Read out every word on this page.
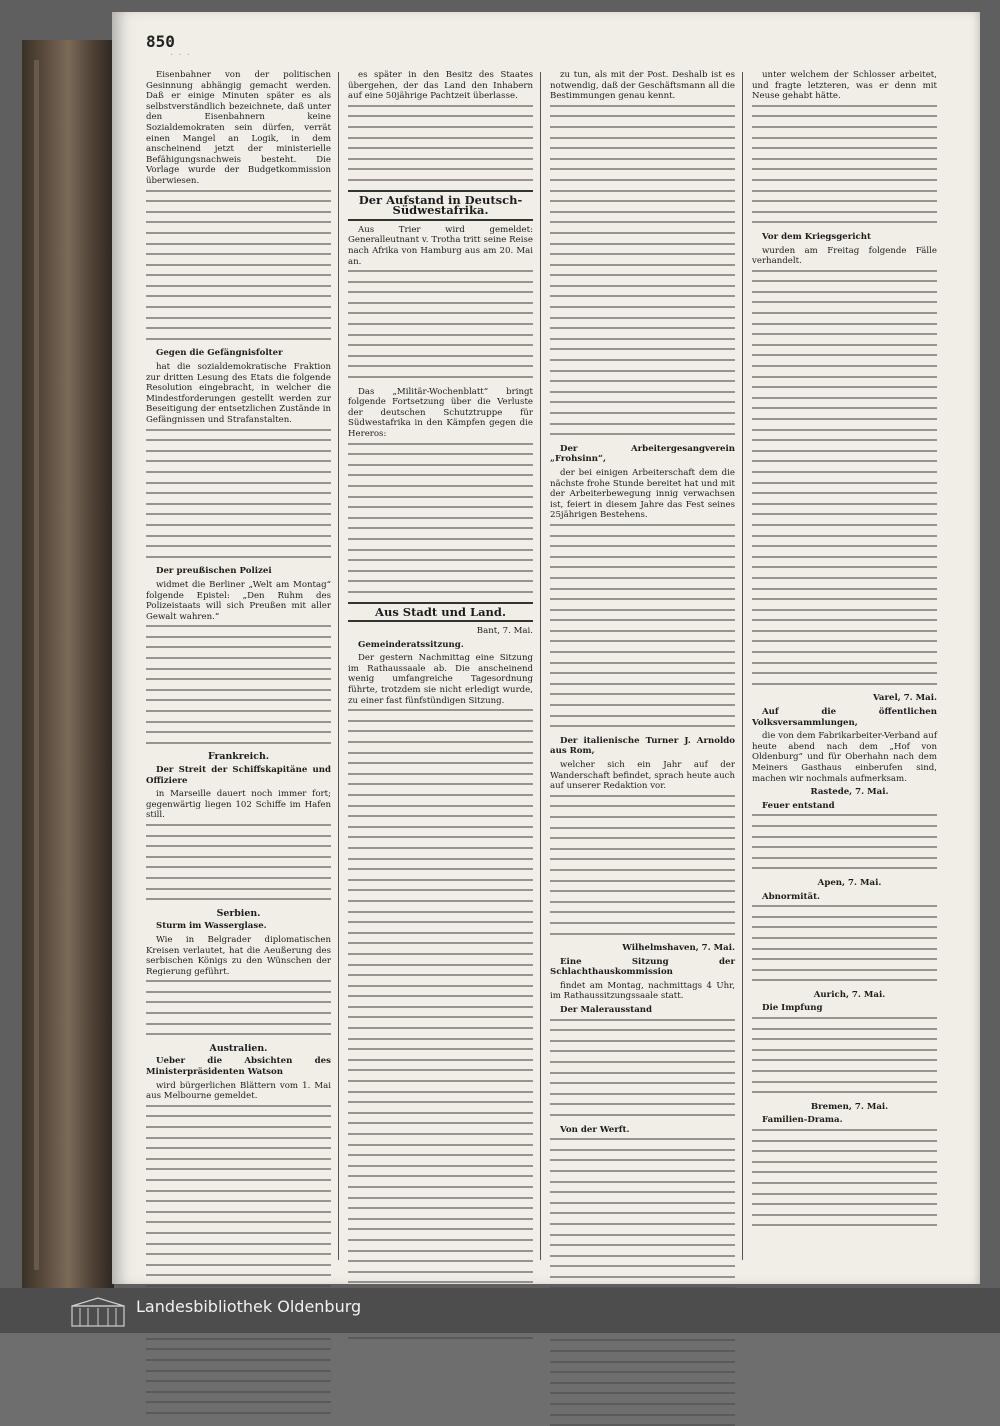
850
· · ·

Eisenbahner von der politischen Gesinnung abhängig gemacht werden. Daß er einige Minuten später es als selbstverständlich bezeichnete, daß unter den Eisenbahnern keine Sozialdemokraten sein dürfen, verrät einen Mangel an Logik, in dem anscheinend jetzt der ministerielle Befähigungsnachweis besteht. Die Vorlage wurde der Budgetkommission überwiesen.

Gegen die Gefängnisfolter

hat die sozialdemokratische Fraktion zur dritten Lesung des Etats die folgende Resolution eingebracht, in welcher die Mindestforderungen gestellt werden zur Beseitigung der entsetzlichen Zustände in Gefängnissen und Strafanstalten.

Der preußischen Polizei

widmet die Berliner „Welt am Montag“ folgende Epistel: „Den Ruhm des Polizeistaats will sich Preußen mit aller Gewalt wahren.“

Frankreich.

Der Streit der Schiffskapitäne und Offiziere

in Marseille dauert noch immer fort; gegenwärtig liegen 102 Schiffe im Hafen still.

Serbien.

Sturm im Wasserglase.

Wie in Belgrader diplomatischen Kreisen verlautet, hat die Aeußerung des serbischen Königs zu den Wünschen der Regierung geführt.

Australien.

Ueber die Absichten des Ministerpräsidenten Watson

wird bürgerlichen Blättern vom 1. Mai aus Melbourne gemeldet.

es später in den Besitz des Staates übergehen, der das Land den Inhabern auf eine 50jährige Pachtzeit überlasse.

Der Aufstand in Deutsch-Südwestafrika.

Aus Trier wird gemeldet: Generalleutnant v. Trotha tritt seine Reise nach Afrika von Hamburg aus am 20. Mai an.

Das „Militär-Wochenblatt“ bringt folgende Fortsetzung über die Verluste der deutschen Schutztruppe für Südwestafrika in den Kämpfen gegen die Hereros:

Aus Stadt und Land.

Bant, 7. Mai.

Gemeinderatssitzung.

Der gestern Nachmittag eine Sitzung im Rathaussaale ab. Die anscheinend wenig umfangreiche Tagesordnung führte, trotzdem sie nicht erledigt wurde, zu einer fast fünfstündigen Sitzung.

zu tun, als mit der Post. Deshalb ist es notwendig, daß der Geschäftsmann all die Bestimmungen genau kennt.

Der Arbeitergesangverein „Frohsinn“,

der bei einigen Arbeiterschaft dem die nächste frohe Stunde bereitet hat und mit der Arbeiterbewegung innig verwachsen ist, feiert in diesem Jahre das Fest seines 25jährigen Bestehens.

Der italienische Turner J. Arnoldo aus Rom,

welcher sich ein Jahr auf der Wanderschaft befindet, sprach heute auch auf unserer Redaktion vor.

Wilhelmshaven, 7. Mai.

Eine Sitzung der Schlachthauskommission

findet am Montag, nachmittags 4 Uhr, im Rathaussitzungssaale statt.

Der Malerausstand

Von der Werft.

unter welchem der Schlosser arbeitet, und fragte letzteren, was er denn mit Neuse gehabt hätte.

Vor dem Kriegsgericht

wurden am Freitag folgende Fälle verhandelt.

Varel, 7. Mai.

Auf die öffentlichen Volksversammlungen,

die von dem Fabrikarbeiter-Verband auf heute abend nach dem „Hof von Oldenburg“ und für Oberhahn nach dem Meiners Gasthaus einberufen sind, machen wir nochmals aufmerksam.

Rastede, 7. Mai.

Feuer entstand

Apen, 7. Mai.

Abnormität.

Aurich, 7. Mai.

Die Impfung

Bremen, 7. Mai.

Familien-Drama.

Landesbibliothek Oldenburg
